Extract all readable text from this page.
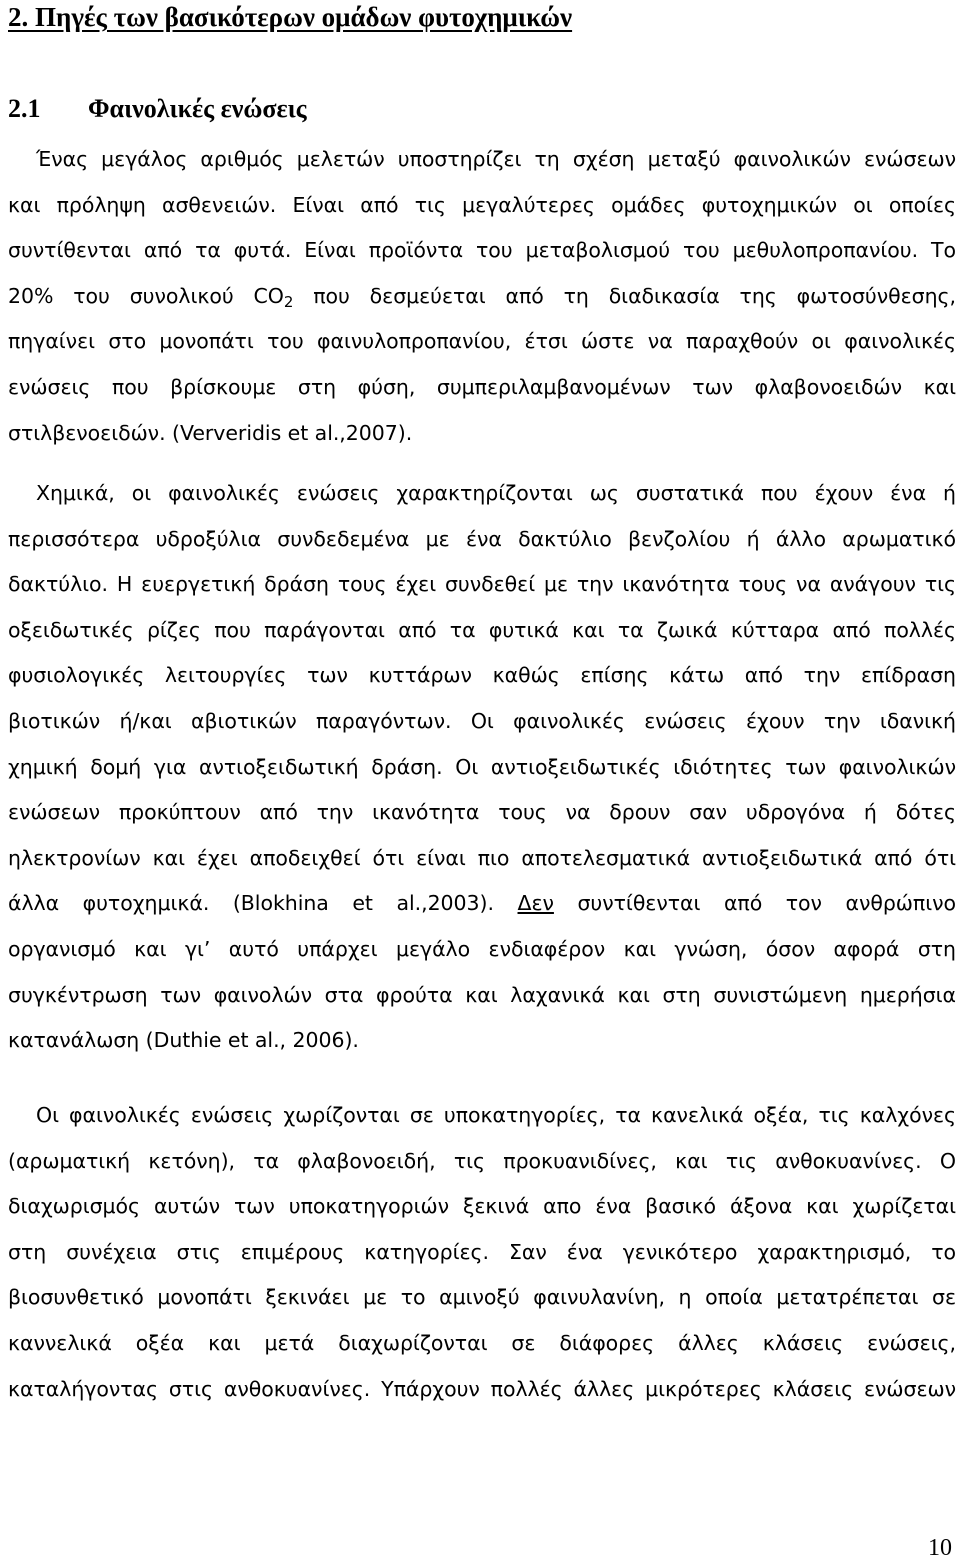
2. Πηγές των βασικότερων ομάδων φυτοχημικών
2.1 Φαινολικές ενώσεις
Ένας μεγάλος αριθμός μελετών υποστηρίζει τη σχέση μεταξύ φαινολικών ενώσεων
και πρόληψη ασθενειών. Είναι από τις μεγαλύτερες ομάδες φυτοχημικών οι οποίες
συντίθενται από τα φυτά. Είναι προϊόντα του μεταβολισμού του μεθυλοπροπανίου. Το
20% του συνολικού $CO_2$ που δεσμεύεται από τη διαδικασία της φωτοσύνθεσης,
πηγαίνει στο μονοπάτι του φαινυλοπροπανίου, έτσι ώστε να παραχθούν οι φαινολικές
ενώσεις που βρίσκουμε στη φύση, συμπεριλαμβανομένων των φλαβονοειδών και
στιλβενοειδών. (Ververidis et al.,2007).
Χημικά, οι φαινολικές ενώσεις χαρακτηρίζονται ως συστατικά που έχουν ένα ή
περισσότερα υδροξύλια συνδεδεμένα με ένα δακτύλιο βενζολίου ή άλλο αρωματικό
δακτύλιο. Η ευεργετική δράση τους έχει συνδεθεί με την ικανότητα τους να ανάγουν τις
οξειδωτικές ρίζες που παράγονται από τα φυτικά και τα ζωικά κύτταρα από πολλές
φυσιολογικές λειτουργίες των κυττάρων καθώς επίσης κάτω από την επίδραση
βιοτικών ή/και αβιοτικών παραγόντων. Οι φαινολικές ενώσεις έχουν την ιδανική
χημική δομή για αντιοξειδωτική δράση. Οι αντιοξειδωτικές ιδιότητες των φαινολικών
ενώσεων προκύπτουν από την ικανότητα τους να δρουν σαν υδρογόνα ή δότες
ηλεκτρονίων και έχει αποδειχθεί ότι είναι πιο αποτελεσματικά αντιοξειδωτικά από ότι
άλλα φυτοχημικά. (Blokhina et al.,2003). Δεν συντίθενται από τον ανθρώπινο
οργανισμό και γι’ αυτό υπάρχει μεγάλο ενδιαφέρον και γνώση, όσον αφορά στη
συγκέντρωση των φαινολών στα φρούτα και λαχανικά και στη συνιστώμενη ημερήσια
κατανάλωση (Duthie et al., 2006).
Οι φαινολικές ενώσεις χωρίζονται σε υποκατηγορίες, τα κανελικά οξέα, τις καλχόνες
(αρωματική κετόνη), τα φλαβονοειδή, τις προκυανιδίνες, και τις ανθοκυανίνες. Ο
διαχωρισμός αυτών των υποκατηγοριών ξεκινά απο ένα βασικό άξονα και χωρίζεται
στη συνέχεια στις επιμέρους κατηγορίες. Σαν ένα γενικότερο χαρακτηρισμό, το
βιοσυνθετικό μονοπάτι ξεκινάει με το αμινοξύ φαινυλανίνη, η οποία μετατρέπεται σε
καννελικά οξέα και μετά διαχωρίζονται σε διάφορες άλλες κλάσεις ενώσεις,
καταλήγοντας στις ανθοκυανίνες. Υπάρχουν πολλές άλλες μικρότερες κλάσεις ενώσεων
10
